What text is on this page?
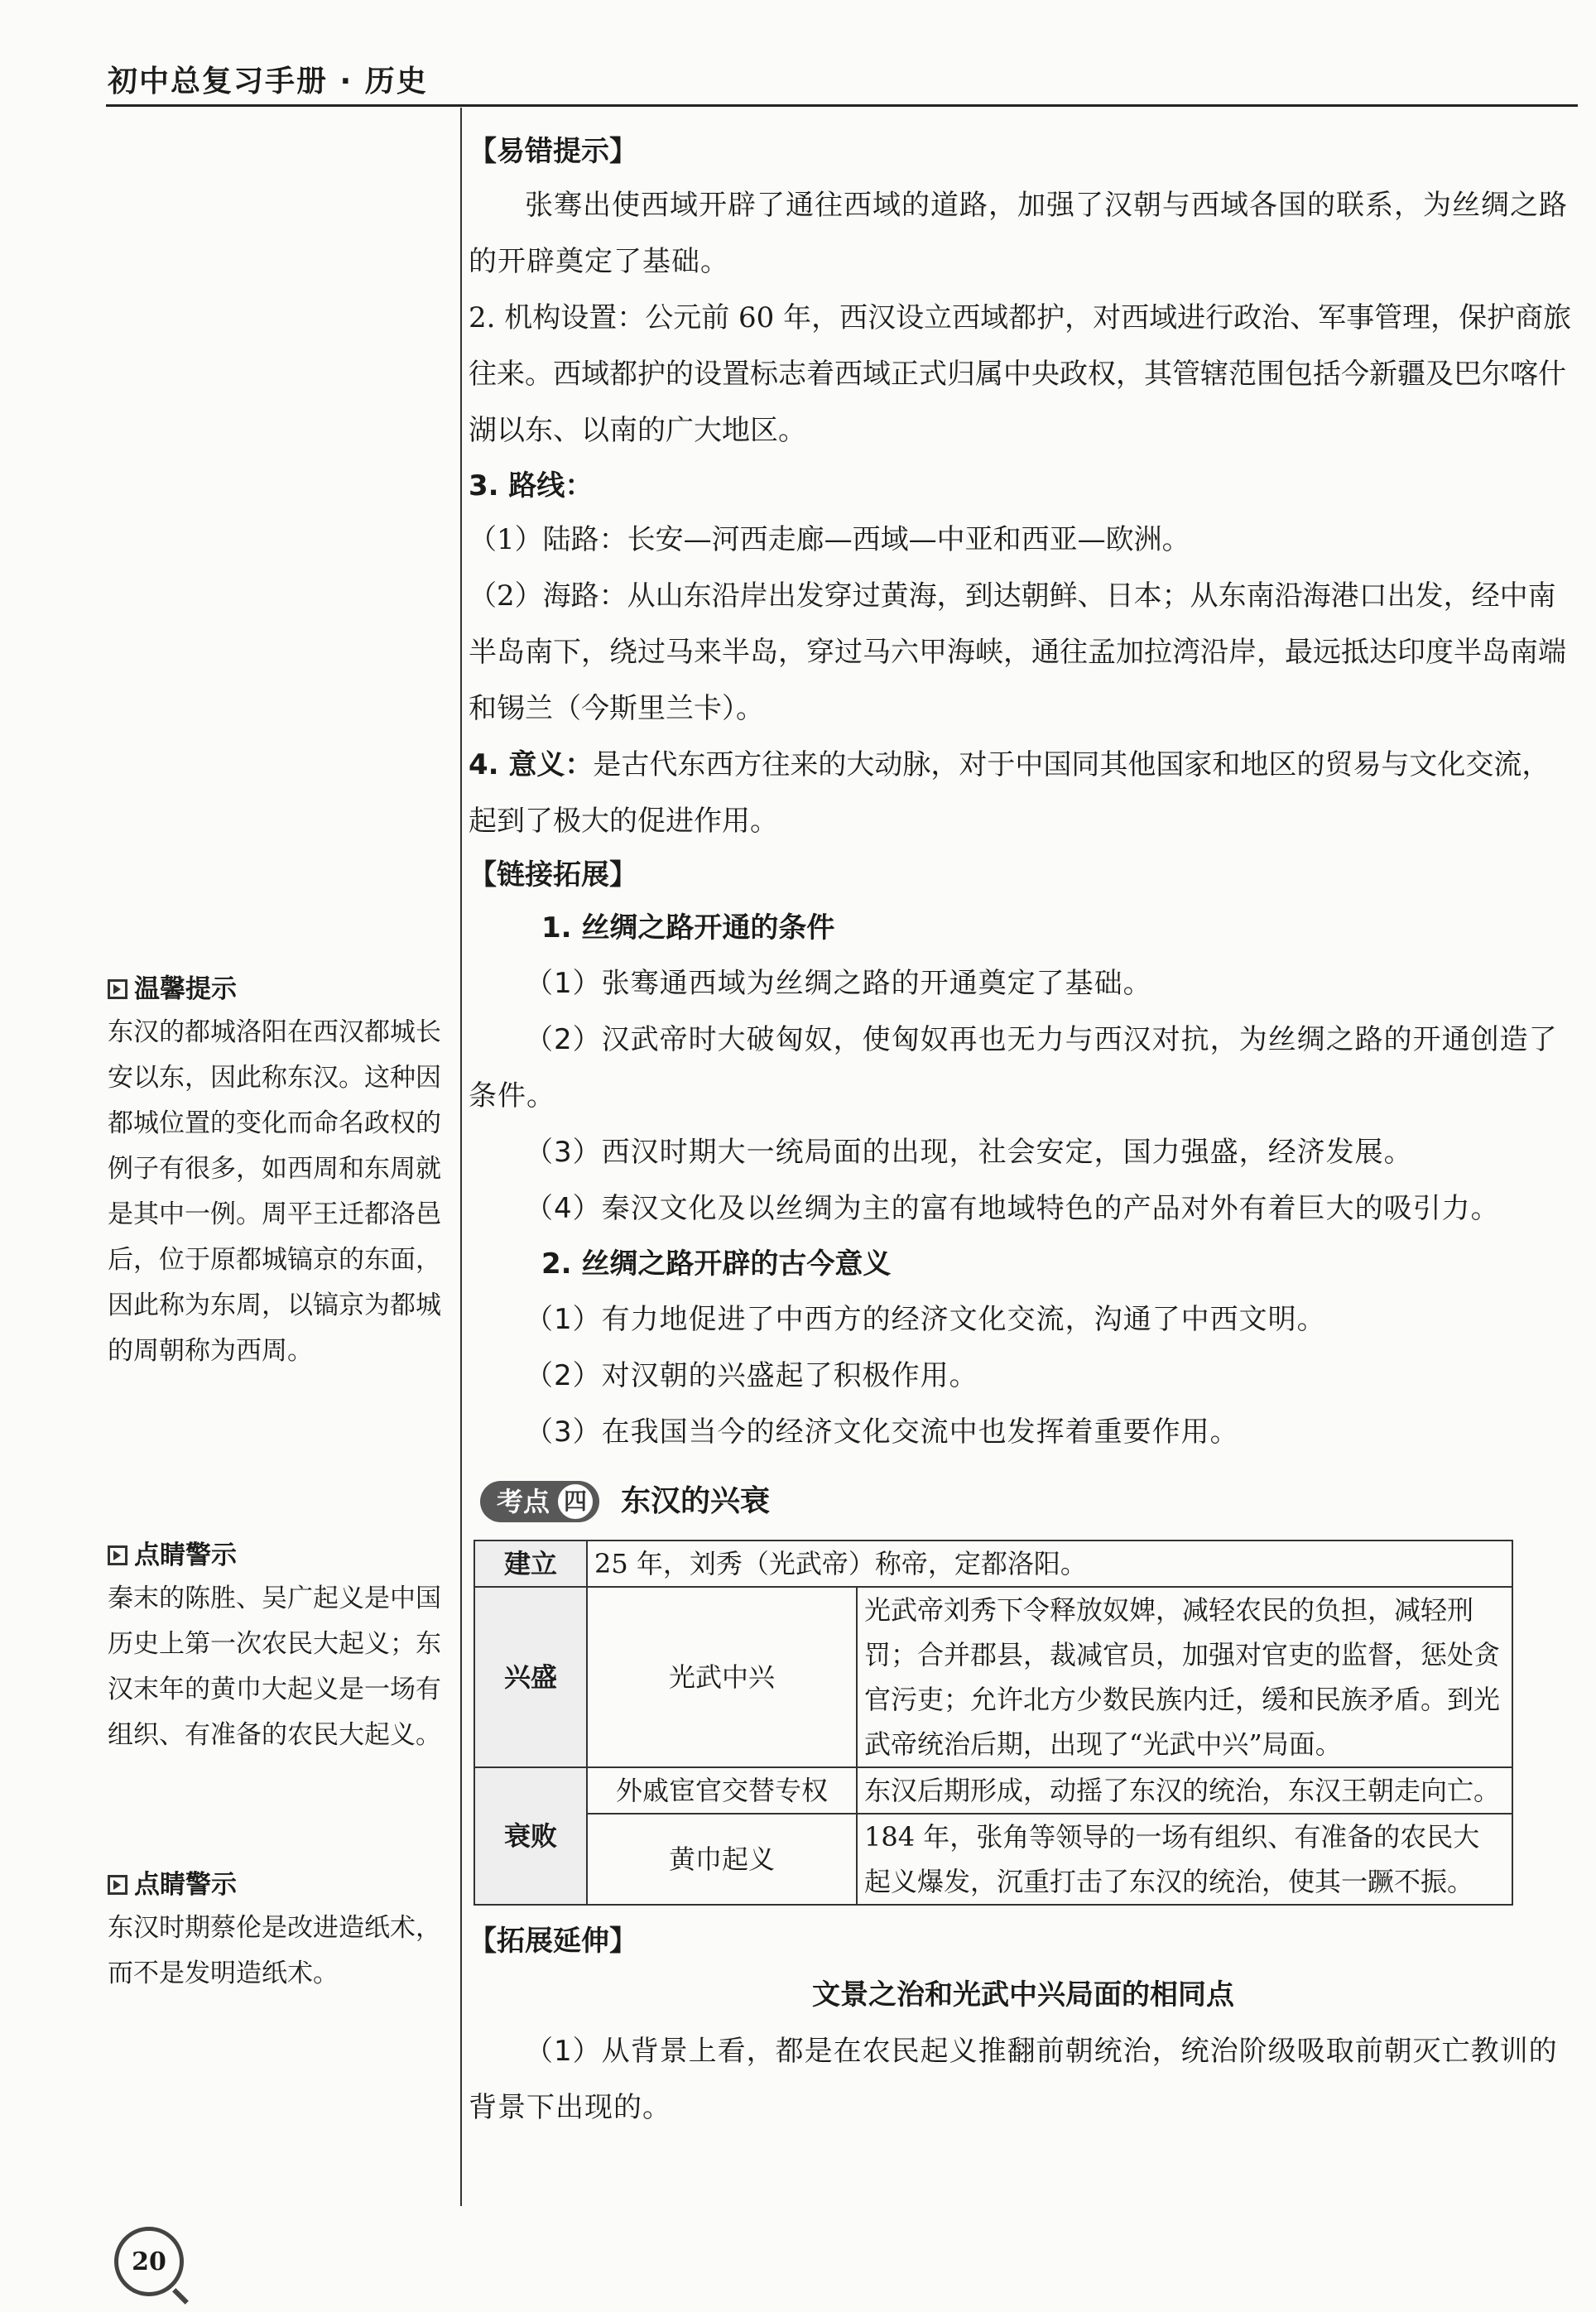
初中总复习手册 · 历史
温馨提示

东汉的都城洛阳在西汉都城长安以东，因此称东汉。这种因都城位置的变化而命名政权的例子有很多，如西周和东周就是其中一例。周平王迁都洛邑后，位于原都城镐京的东面，因此称为东周，以镐京为都城的周朝称为西周。

点睛警示

秦末的陈胜、吴广起义是中国历史上第一次农民大起义；东汉末年的黄巾大起义是一场有组织、有准备的农民大起义。

点睛警示

东汉时期蔡伦是改进造纸术，而不是发明造纸术。

【易错提示】

张骞出使西域开辟了通往西域的道路，加强了汉朝与西域各国的联系，为丝绸之路的开辟奠定了基础。

2. 机构设置：公元前 60 年，西汉设立西域都护，对西域进行政治、军事管理，保护商旅往来。西域都护的设置标志着西域正式归属中央政权，其管辖范围包括今新疆及巴尔喀什湖以东、以南的广大地区。

3. 路线：

（1）陆路：长安—河西走廊—西域—中亚和西亚—欧洲。

（2）海路：从山东沿岸出发穿过黄海，到达朝鲜、日本；从东南沿海港口出发，经中南半岛南下，绕过马来半岛，穿过马六甲海峡，通往孟加拉湾沿岸，最远抵达印度半岛南端和锡兰（今斯里兰卡）。

4. 意义：是古代东西方往来的大动脉，对于中国同其他国家和地区的贸易与文化交流，起到了极大的促进作用。

【链接拓展】

1. 丝绸之路开通的条件

（1）张骞通西域为丝绸之路的开通奠定了基础。

（2）汉武帝时大破匈奴，使匈奴再也无力与西汉对抗，为丝绸之路的开通创造了条件。

（3）西汉时期大一统局面的出现，社会安定，国力强盛，经济发展。

（4）秦汉文化及以丝绸为主的富有地域特色的产品对外有着巨大的吸引力。

2. 丝绸之路开辟的古今意义

（1）有力地促进了中西方的经济文化交流，沟通了中西文明。

（2）对汉朝的兴盛起了积极作用。

（3）在我国当今的经济文化交流中也发挥着重要作用。

考点 四 东汉的兴衰
建立	25 年，刘秀（光武帝）称帝，定都洛阳。	
兴盛	光武中兴	光武帝刘秀下令释放奴婢，减轻农民的负担，减轻刑罚；合并郡县，裁减官员，加强对官吏的监督，惩处贪官污吏；允许北方少数民族内迁，缓和民族矛盾。到光武帝统治后期，出现了“光武中兴”局面。
衰败	外戚宦官交替专权	东汉后期形成，动摇了东汉的统治，东汉王朝走向亡。
	黄巾起义	184 年，张角等领导的一场有组织、有准备的农民大起义爆发，沉重打击了东汉的统治，使其一蹶不振。

【拓展延伸】

文景之治和光武中兴局面的相同点

（1）从背景上看，都是在农民起义推翻前朝统治，统治阶级吸取前朝灭亡教训的背景下出现的。

20
